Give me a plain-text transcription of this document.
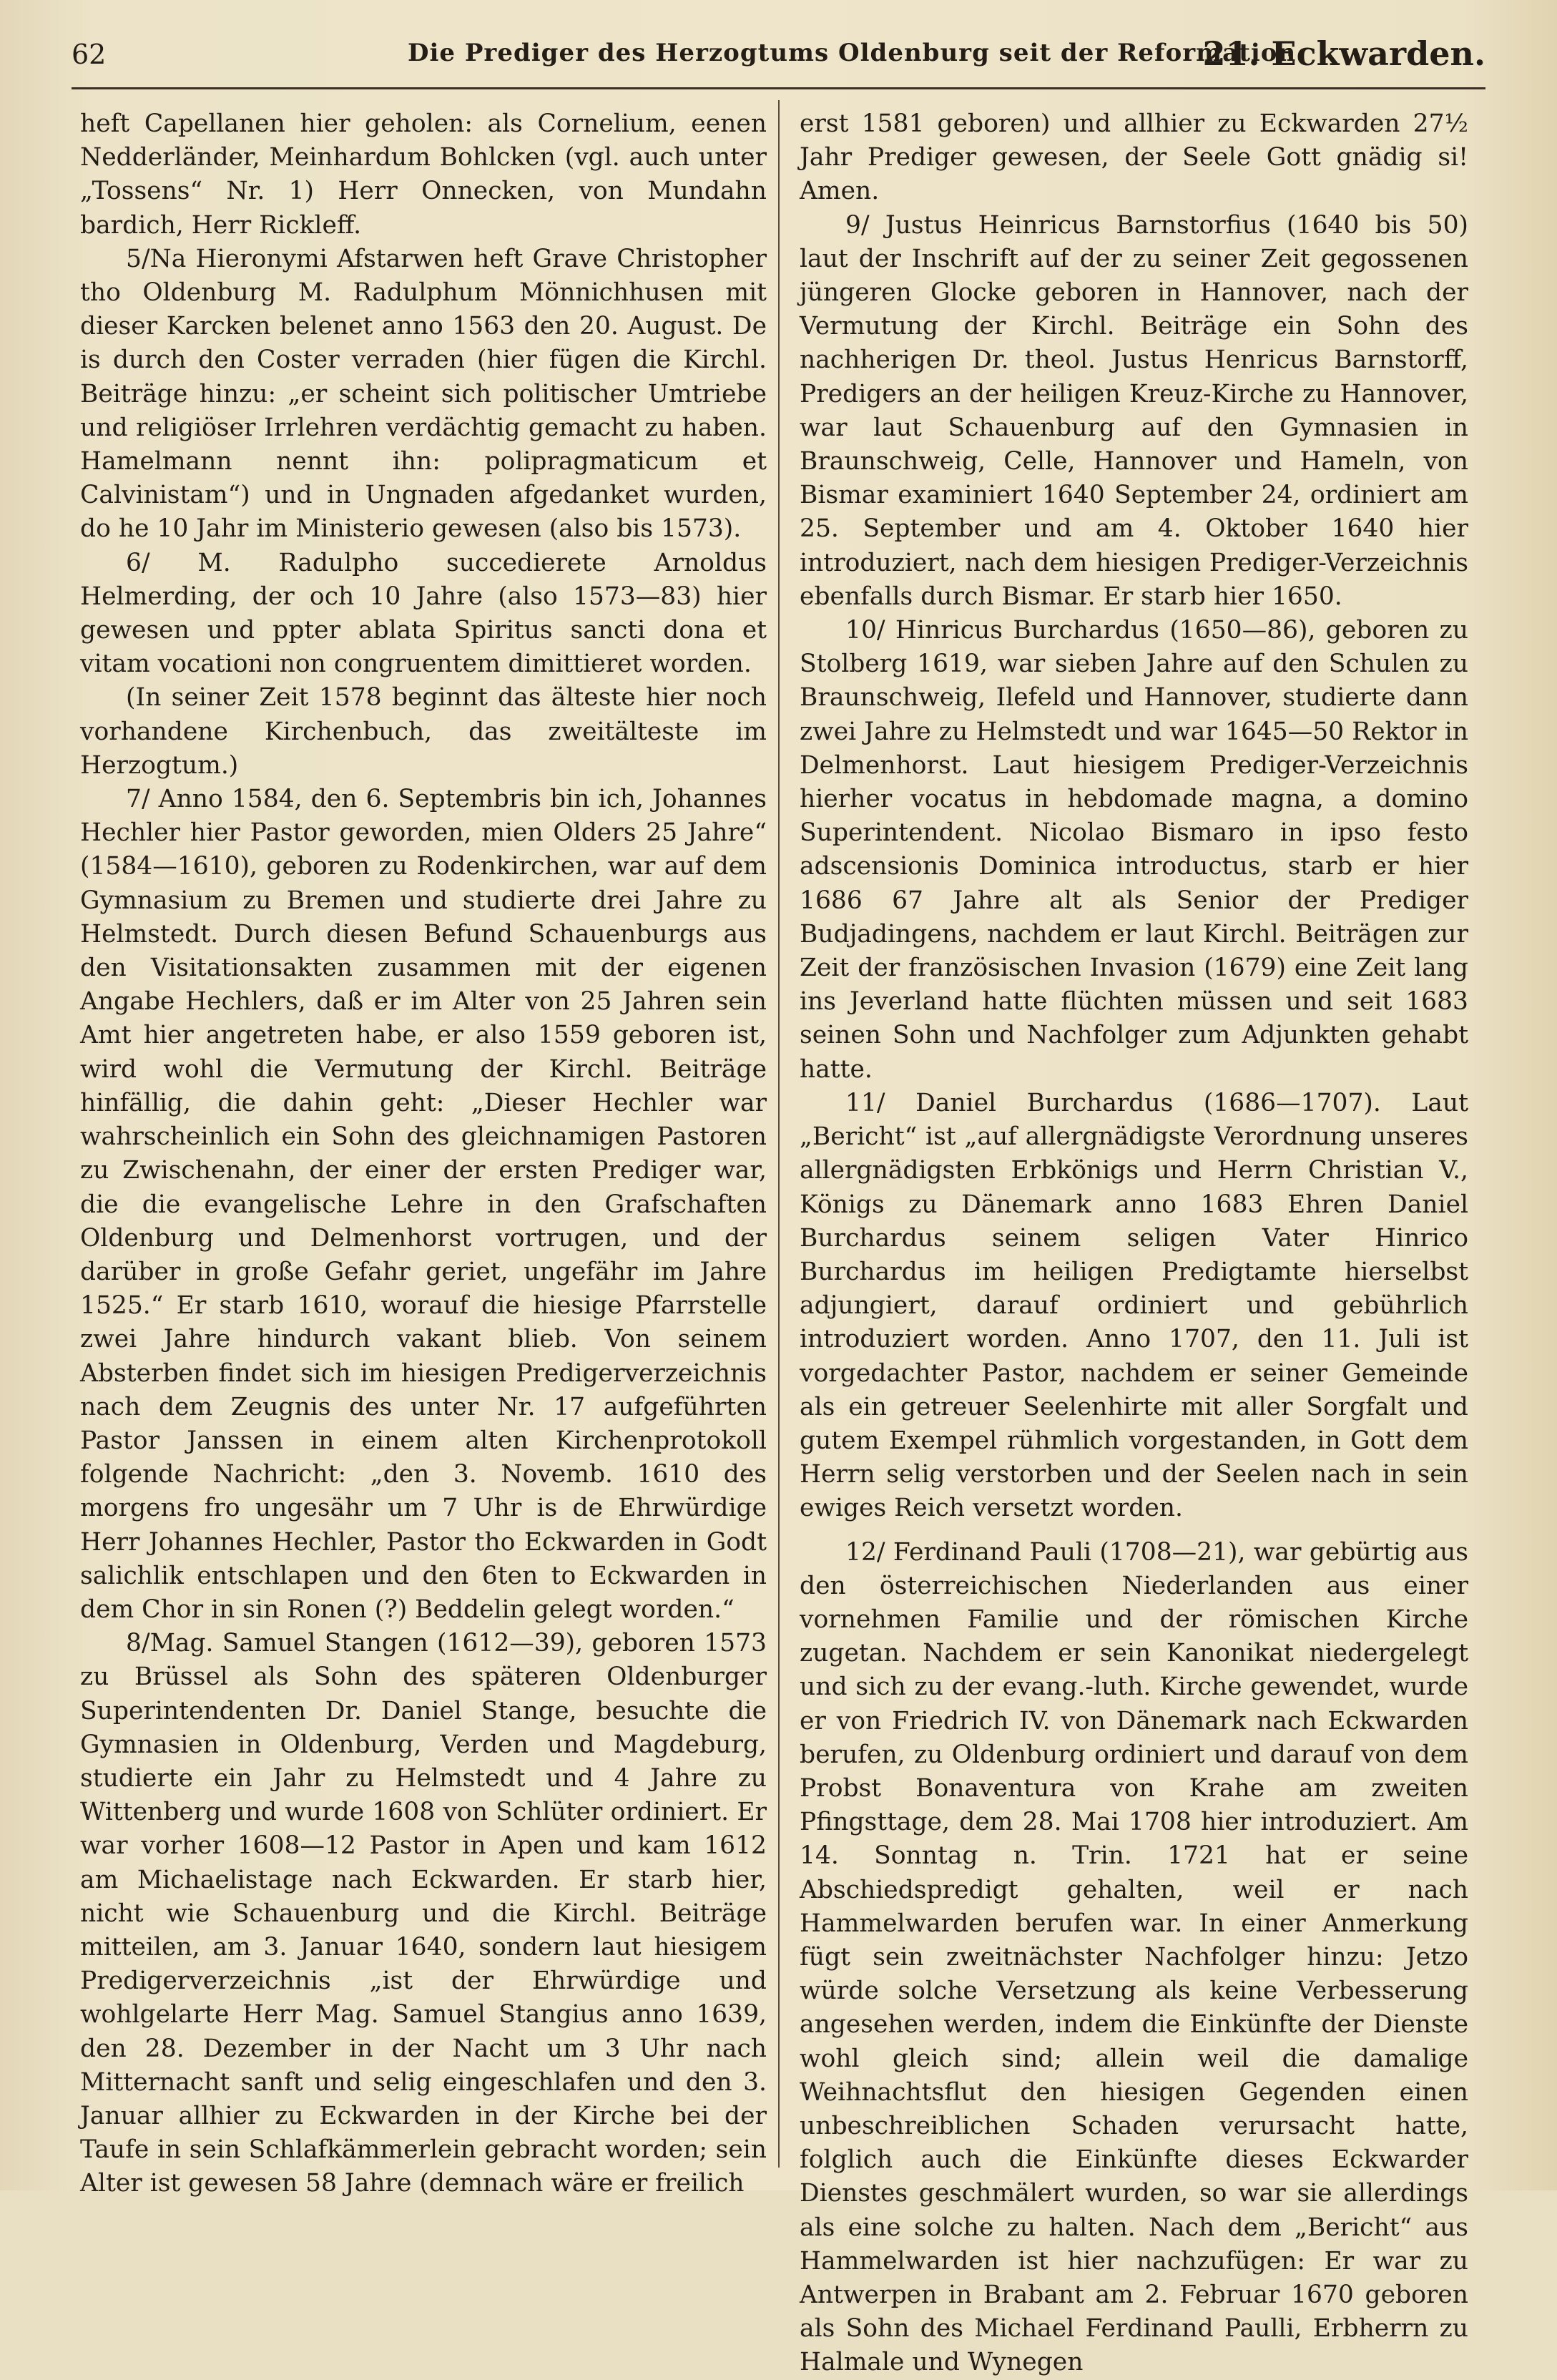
62	Die Prediger des Herzogtums Oldenburg seit der Reformation.
21. Eckwarden.

heft Capellanen hier geholen: als Cornelium, eenen Nedderländer, Meinhardum Bohlcken (vgl. auch unter „Tossens“ Nr. 1) Herr Onnecken, von Mundahn bardich, Herr Rickleff.

5/Na Hieronymi Afstarwen heft Grave Christopher tho Oldenburg M. Radulphum Mönnichhusen mit dieser Karcken belenet anno 1563 den 20. August. De is durch den Coster verraden (hier fügen die Kirchl. Beiträge hinzu: „er scheint sich politischer Umtriebe und religiöser Irrlehren verdächtig gemacht zu haben. Hamelmann nennt ihn: polipragmaticum et Calvinistam“) und in Ungnaden afgedanket wurden, do he 10 Jahr im Ministerio gewesen (also bis 1573).

6/ M. Radulpho succedierete Arnoldus Helmerding, der och 10 Jahre (also 1573—83) hier gewesen und ppter ablata Spiritus sancti dona et vitam vocationi non congruentem dimittieret worden.

(In seiner Zeit 1578 beginnt das älteste hier noch vorhandene Kirchenbuch, das zweitälteste im Herzogtum.)

7/ Anno 1584, den 6. Septembris bin ich, Johannes Hechler hier Pastor geworden, mien Olders 25 Jahre“ (1584—1610), geboren zu Rodenkirchen, war auf dem Gymnasium zu Bremen und studierte drei Jahre zu Helmstedt. Durch diesen Befund Schauenburgs aus den Visitationsakten zusammen mit der eigenen Angabe Hechlers, daß er im Alter von 25 Jahren sein Amt hier angetreten habe, er also 1559 geboren ist, wird wohl die Vermutung der Kirchl. Beiträge hinfällig, die dahin geht: „Dieser Hechler war wahrscheinlich ein Sohn des gleichnamigen Pastoren zu Zwischenahn, der einer der ersten Prediger war, die die evangelische Lehre in den Grafschaften Oldenburg und Delmenhorst vortrugen, und der darüber in große Gefahr geriet, ungefähr im Jahre 1525.“ Er starb 1610, worauf die hiesige Pfarrstelle zwei Jahre hindurch vakant blieb. Von seinem Absterben findet sich im hiesigen Predigerverzeichnis nach dem Zeugnis des unter Nr. 17 aufgeführten Pastor Janssen in einem alten Kirchenprotokoll folgende Nachricht: „den 3. Novemb. 1610 des morgens fro ungesähr um 7 Uhr is de Ehrwürdige Herr Johannes Hechler, Pastor tho Eckwarden in Godt salichlik entschlapen und den 6ten to Eckwarden in dem Chor in sin Ronen (?) Beddelin gelegt worden.“

8/Mag. Samuel Stangen (1612—39), geboren 1573 zu Brüssel als Sohn des späteren Oldenburger Superintendenten Dr. Daniel Stange, besuchte die Gymnasien in Oldenburg, Verden und Magdeburg, studierte ein Jahr zu Helmstedt und 4 Jahre zu Wittenberg und wurde 1608 von Schlüter ordiniert. Er war vorher 1608—12 Pastor in Apen und kam 1612 am Michaelistage nach Eckwarden. Er starb hier, nicht wie Schauenburg und die Kirchl. Beiträge mitteilen, am 3. Januar 1640, sondern laut hiesigem Predigerverzeichnis „ist der Ehrwürdige und wohlgelarte Herr Mag. Samuel Stangius anno 1639, den 28. Dezember in der Nacht um 3 Uhr nach Mitternacht sanft und selig eingeschlafen und den 3. Januar allhier zu Eckwarden in der Kirche bei der Taufe in sein Schlafkämmerlein gebracht worden; sein Alter ist gewesen 58 Jahre (demnach wäre er freilich

erst 1581 geboren) und allhier zu Eckwarden 27½ Jahr Prediger gewesen, der Seele Gott gnädig si! Amen.

9/ Justus Heinricus Barnstorfius (1640 bis 50) laut der Inschrift auf der zu seiner Zeit gegossenen jüngeren Glocke geboren in Hannover, nach der Vermutung der Kirchl. Beiträge ein Sohn des nachherigen Dr. theol. Justus Henricus Barnstorff, Predigers an der heiligen Kreuz-Kirche zu Hannover, war laut Schauenburg auf den Gymnasien in Braunschweig, Celle, Hannover und Hameln, von Bismar examiniert 1640 September 24, ordiniert am 25. September und am 4. Oktober 1640 hier introduziert, nach dem hiesigen Prediger-Verzeichnis ebenfalls durch Bismar. Er starb hier 1650.

10/ Hinricus Burchardus (1650—86), geboren zu Stolberg 1619, war sieben Jahre auf den Schulen zu Braunschweig, Ilefeld und Hannover, studierte dann zwei Jahre zu Helmstedt und war 1645—50 Rektor in Delmenhorst. Laut hiesigem Prediger-Verzeichnis hierher vocatus in hebdomade magna, a domino Superintendent. Nicolao Bismaro in ipso festo adscensionis Dominica introductus, starb er hier 1686 67 Jahre alt als Senior der Prediger Budjadingens, nachdem er laut Kirchl. Beiträgen zur Zeit der französischen Invasion (1679) eine Zeit lang ins Jeverland hatte flüchten müssen und seit 1683 seinen Sohn und Nachfolger zum Adjunkten gehabt hatte.

11/ Daniel Burchardus (1686—1707). Laut „Bericht“ ist „auf allergnädigste Verordnung unseres allergnädigsten Erbkönigs und Herrn Christian V., Königs zu Dänemark anno 1683 Ehren Daniel Burchardus seinem seligen Vater Hinrico Burchardus im heiligen Predigtamte hierselbst adjungiert, darauf ordiniert und gebührlich introduziert worden. Anno 1707, den 11. Juli ist vorgedachter Pastor, nachdem er seiner Gemeinde als ein getreuer Seelenhirte mit aller Sorgfalt und gutem Exempel rühmlich vorgestanden, in Gott dem Herrn selig verstorben und der Seelen nach in sein ewiges Reich versetzt worden.

12/ Ferdinand Pauli (1708—21), war gebürtig aus den österreichischen Niederlanden aus einer vornehmen Familie und der römischen Kirche zugetan. Nachdem er sein Kanonikat niedergelegt und sich zu der evang.-luth. Kirche gewendet, wurde er von Friedrich IV. von Dänemark nach Eckwarden berufen, zu Oldenburg ordiniert und darauf von dem Probst Bonaventura von Krahe am zweiten Pfingsttage, dem 28. Mai 1708 hier introduziert. Am 14. Sonntag n. Trin. 1721 hat er seine Abschiedspredigt gehalten, weil er nach Hammelwarden berufen war. In einer Anmerkung fügt sein zweitnächster Nachfolger hinzu: Jetzo würde solche Versetzung als keine Verbesserung angesehen werden, indem die Einkünfte der Dienste wohl gleich sind; allein weil die damalige Weihnachtsflut den hiesigen Gegenden einen unbeschreiblichen Schaden verursacht hatte, folglich auch die Einkünfte dieses Eckwarder Dienstes geschmälert wurden, so war sie allerdings als eine solche zu halten. Nach dem „Bericht“ aus Hammelwarden ist hier nachzufügen: Er war zu Antwerpen in Brabant am 2. Februar 1670 geboren als Sohn des Michael Ferdinand Paulli, Erbherrn zu Halmale und Wynegen
